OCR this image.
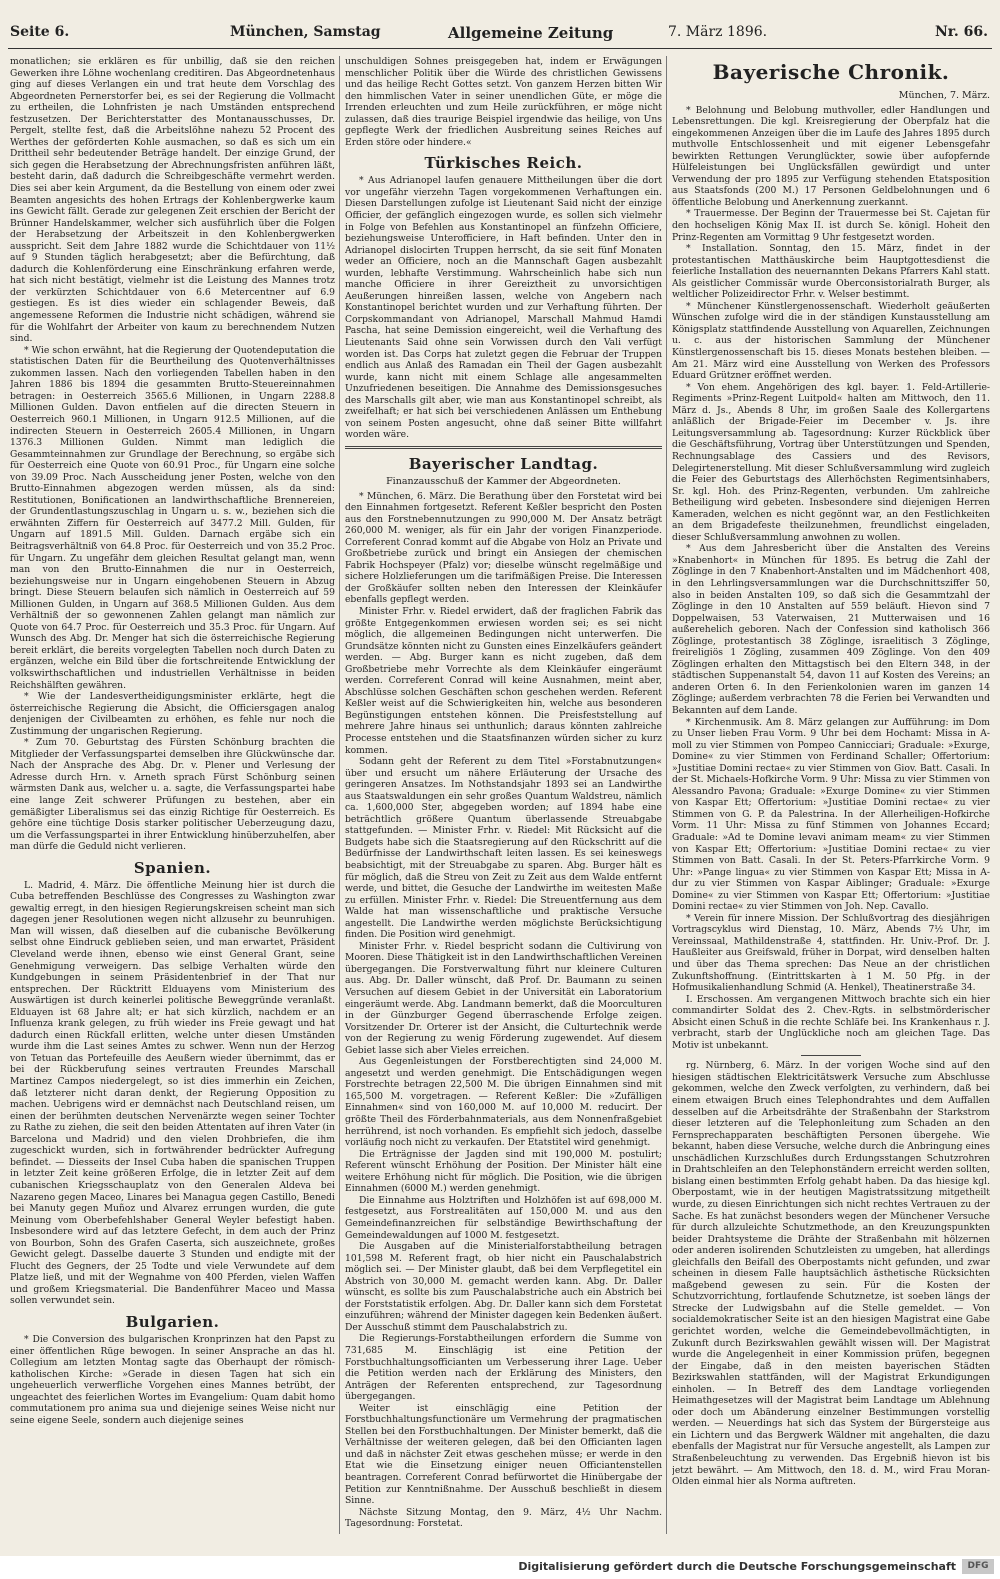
Seite 6.	München, Samstag	Allgemeine Zeitung	7. März 1896.	Nr. 66.

monatlichen; sie erklären es für unbillig, daß sie den reichen Gewerken ihre Löhne wochenlang creditiren. Das Abgeordnetenhaus ging auf dieses Verlangen ein und trat heute dem Vorschlag des Abgeordneten Pernerstorfer bei, es sei der Regierung die Vollmacht zu ertheilen, die Lohnfristen je nach Umständen entsprechend festzusetzen. Der Berichterstatter des Montanausschusses, Dr. Pergelt, stellte fest, daß die Arbeitslöhne nahezu 52 Procent des Werthes der geförderten Kohle ausmachen, so daß es sich um ein Drittheil sehr bedeutender Beträge handelt. Der einzige Grund, der sich gegen die Herabsetzung der Abrechnungsfristen anführen läßt, besteht darin, daß dadurch die Schreibgeschäfte vermehrt werden. Dies sei aber kein Argument, da die Bestellung von einem oder zwei Beamten angesichts des hohen Ertrags der Kohlenbergwerke kaum ins Gewicht fällt. Gerade zur gelegenen Zeit erschien der Bericht der Brünner Handelskammer, welcher sich ausführlich über die Folgen der Herabsetzung der Arbeitszeit in den Kohlenbergwerken ausspricht. Seit dem Jahre 1882 wurde die Schichtdauer von 11½ auf 9 Stunden täglich herabgesetzt; aber die Befürchtung, daß dadurch die Kohlenförderung eine Einschränkung erfahren werde, hat sich nicht bestätigt, vielmehr ist die Leistung des Mannes trotz der verkürzten Schichtdauer von 6.6 Metercentner auf 6.9 gestiegen. Es ist dies wieder ein schlagender Beweis, daß angemessene Reformen die Industrie nicht schädigen, während sie für die Wohlfahrt der Arbeiter von kaum zu berechnendem Nutzen sind.

* Wie schon erwähnt, hat die Regierung der Quotendeputation die statistischen Daten für die Beurtheilung des Quotenverhältnisses zukommen lassen. Nach den vorliegenden Tabellen haben in den Jahren 1886 bis 1894 die gesammten Brutto-Steuereinnahmen betragen: in Oesterreich 3565.6 Millionen, in Ungarn 2288.8 Millionen Gulden. Davon entfielen auf die directen Steuern in Oesterreich 960.1 Millionen, in Ungarn 912.5 Millionen, auf die indirecten Steuern in Oesterreich 2605.4 Millionen, in Ungarn 1376.3 Millionen Gulden. Nimmt man lediglich die Gesammteinnahmen zur Grundlage der Berechnung, so ergäbe sich für Oesterreich eine Quote von 60.91 Proc., für Ungarn eine solche von 39.09 Proc. Nach Ausscheidung jener Posten, welche von den Brutto-Einnahmen abgezogen werden müssen, als da sind: Restitutionen, Bonificationen an landwirthschaftliche Brennereien, der Grundentlastungszuschlag in Ungarn u. s. w., beziehen sich die erwähnten Ziffern für Oesterreich auf 3477.2 Mill. Gulden, für Ungarn auf 1891.5 Mill. Gulden. Darnach ergäbe sich ein Beitragsverhältniß von 64.8 Proc. für Oesterreich und von 35.2 Proc. für Ungarn. Zu ungefähr dem gleichen Resultat gelangt man, wenn man von den Brutto-Einnahmen die nur in Oesterreich, beziehungsweise nur in Ungarn eingehobenen Steuern in Abzug bringt. Diese Steuern belaufen sich nämlich in Oesterreich auf 59 Millionen Gulden, in Ungarn auf 368.5 Millionen Gulden. Aus dem Verhältniß der so gewonnenen Zahlen gelangt man nämlich zur Quote von 64.7 Proc. für Oesterreich und 35.3 Proc. für Ungarn. Auf Wunsch des Abg. Dr. Menger hat sich die österreichische Regierung bereit erklärt, die bereits vorgelegten Tabellen noch durch Daten zu ergänzen, welche ein Bild über die fortschreitende Entwicklung der volkswirthschaftlichen und industriellen Verhältnisse in beiden Reichshälften gewähren.

* Wie der Landesvertheidigungsminister erklärte, hegt die österreichische Regierung die Absicht, die Officiersgagen analog denjenigen der Civilbeamten zu erhöhen, es fehle nur noch die Zustimmung der ungarischen Regierung.

* Zum 70. Geburtstag des Fürsten Schönburg brachten die Mitglieder der Verfassungspartei demselben ihre Glückwünsche dar. Nach der Ansprache des Abg. Dr. v. Plener und Verlesung der Adresse durch Hrn. v. Arneth sprach Fürst Schönburg seinen wärmsten Dank aus, welcher u. a. sagte, die Verfassungspartei habe eine lange Zeit schwerer Prüfungen zu bestehen, aber ein gemäßigter Liberalismus sei das einzig Richtige für Oesterreich. Es gehöre eine tüchtige Dosis starker politischer Ueberzeugung dazu, um die Verfassungspartei in ihrer Entwicklung hinüberzuhelfen, aber man dürfe die Geduld nicht verlieren.

Spanien.

L. Madrid, 4. März. Die öffentliche Meinung hier ist durch die Cuba betreffenden Beschlüsse des Congresses zu Washington zwar gewaltig erregt, in den hiesigen Regierungskreisen scheint man sich dagegen jener Resolutionen wegen nicht allzusehr zu beunruhigen. Man will wissen, daß dieselben auf die cubanische Bevölkerung selbst ohne Eindruck geblieben seien, und man erwartet, Präsident Cleveland werde ihnen, ebenso wie einst General Grant, seine Genehmigung verweigern. Das selbige Verhalten würde den Kundgebungen in seinem Präsidentenbrief in der That nur entsprechen. Der Rücktritt Elduayens vom Ministerium des Auswärtigen ist durch keinerlei politische Beweggründe veranlaßt. Elduayen ist 68 Jahre alt; er hat sich kürzlich, nachdem er an Influenza krank gelegen, zu früh wieder ins Freie gewagt und hat dadurch einen Rückfall erlitten, welche unter diesen Umständen wurde ihm die Last seines Amtes zu schwer. Wenn nun der Herzog von Tetuan das Portefeuille des Aeußern wieder übernimmt, das er bei der Rückberufung seines vertrauten Freundes Marschall Martinez Campos niedergelegt, so ist dies immerhin ein Zeichen, daß letzterer nicht daran denkt, der Regierung Opposition zu machen. Uebrigens wird er demnächst nach Deutschland reisen, um einen der berühmten deutschen Nervenärzte wegen seiner Tochter zu Rathe zu ziehen, die seit den beiden Attentaten auf ihren Vater (in Barcelona und Madrid) und den vielen Drohbriefen, die ihm zugeschickt wurden, sich in fortwährender bedrückter Aufregung befindet. — Diesseits der Insel Cuba haben die spanischen Truppen in letzter Zeit keine größeren Erfolge, die in letzter Zeit auf dem cubanischen Kriegsschauplatz von den Generalen Aldeva bei Nazareno gegen Maceo, Linares bei Managua gegen Castillo, Benedi bei Manuty gegen Muñoz und Alvarez errungen wurden, die gute Meinung vom Oberbefehlshaber General Weyler befestigt haben. Insbesondere wird auf das letztere Gefecht, in dem auch der Prinz von Bourbon, Sohn des Grafen Caserta, sich auszeichnete, großes Gewicht gelegt. Dasselbe dauerte 3 Stunden und endigte mit der Flucht des Gegners, der 25 Todte und viele Verwundete auf dem Platze ließ, und mit der Wegnahme von 400 Pferden, vielen Waffen und großem Kriegsmaterial. Die Bandenführer Maceo und Massa sollen verwundet sein.

Bulgarien.

* Die Conversion des bulgarischen Kronprinzen hat den Papst zu einer öffentlichen Rüge bewogen. In seiner Ansprache an das hl. Collegium am letzten Montag sagte das Oberhaupt der römisch-katholischen Kirche: »Gerade in diesen Tagen hat sich ein ungeheuerlich verwerfliche Vorgehen eines Mannes betrübt, der ungeachtet des feierlichen Wortes im Evangelium: Quam dabit homo commutationem pro anima sua und diejenige seines Weise nicht nur seine eigene Seele, sondern auch diejenige seines

unschuldigen Sohnes preisgegeben hat, indem er Erwägungen menschlicher Politik über die Würde des christlichen Gewissens und das heilige Recht Gottes setzt. Von ganzem Herzen bitten Wir den himmlischen Vater in seiner unendlichen Güte, er möge die Irrenden erleuchten und zum Heile zurückführen, er möge nicht zulassen, daß dies traurige Beispiel irgendwie das heilige, von Uns gepflegte Werk der friedlichen Ausbreitung seines Reiches auf Erden störe oder hindere.«

Türkisches Reich.

* Aus Adrianopel laufen genauere Mittheilungen über die dort vor ungefähr vierzehn Tagen vorgekommenen Verhaftungen ein. Diesen Darstellungen zufolge ist Lieutenant Said nicht der einzige Officier, der gefänglich eingezogen wurde, es sollen sich vielmehr in Folge von Befehlen aus Konstantinopel an fünfzehn Officiere, beziehungsweise Unterofficiere, in Haft befinden. Unter den in Adrianopel dislocirten Truppen herrscht, da sie seit fünf Monaten weder an Officiere, noch an die Mannschaft Gagen ausbezahlt wurden, lebhafte Verstimmung. Wahrscheinlich habe sich nun manche Officiere in ihrer Gereiztheit zu unvorsichtigen Aeußerungen hinreißen lassen, welche von Angebern nach Konstantinopel berichtet wurden und zur Verhaftung führten. Der Corpskommandant von Adrianopel, Marschall Mahmud Hamdi Pascha, hat seine Demission eingereicht, weil die Verhaftung des Lieutenants Said ohne sein Vorwissen durch den Vali verfügt worden ist. Das Corps hat zuletzt gegen die Februar der Truppen endlich aus Anlaß des Ramadan ein Theil der Gagen ausbezahlt wurde, kann nicht mit einem Schlage alle angesammelten Unzufriedenen beseitigen. Die Annahme des Demissionsgesuches des Marschalls gilt aber, wie man aus Konstantinopel schreibt, als zweifelhaft; er hat sich bei verschiedenen Anlässen um Enthebung von seinem Posten angesucht, ohne daß seiner Bitte willfahrt worden wäre.

Bayerischer Landtag.
Finanzausschuß der Kammer der Abgeordneten.

* München, 6. März. Die Berathung über den Forstetat wird bei den Einnahmen fortgesetzt. Referent Keßler bespricht den Posten aus den Forstnebennutzungen zu 990,000 M. Der Ansatz beträgt 260,000 M. weniger, als für ein Jahr der vorigen Finanzperiode. Correferent Conrad kommt auf die Abgabe von Holz an Private und Großbetriebe zurück und bringt ein Ansiegen der chemischen Fabrik Hochspeyer (Pfalz) vor; dieselbe wünscht regelmäßige und sichere Holzlieferungen um die tarifmäßigen Preise. Die Interessen der Großkäufer sollten neben den Interessen der Kleinkäufer ebenfalls gepflegt werden.

Minister Frhr. v. Riedel erwidert, daß der fraglichen Fabrik das größte Entgegenkommen erwiesen worden sei; es sei nicht möglich, die allgemeinen Bedingungen nicht unterwerfen. Die Grundsätze könnten nicht zu Gunsten eines Einzelkäufers geändert werden. — Abg. Burger kann es nicht zugeben, daß dem Großbetriebe mehr Vorrechte als dem Kleinkäufer eingeräumt werden. Correferent Conrad will keine Ausnahmen, meint aber, Abschlüsse solchen Geschäften schon geschehen werden. Referent Keßler weist auf die Schwierigkeiten hin, welche aus besonderen Begünstigungen entstehen können. Die Preisfeststellung auf mehrere Jahre hinaus sei unthunlich; daraus könnten zahlreiche Processe entstehen und die Staatsfinanzen würden sicher zu kurz kommen.

Sodann geht der Referent zu dem Titel »Forstabnutzungen« über und ersucht um nähere Erläuterung der Ursache des geringeren Ansatzes. Im Nothstandsjahr 1893 sei an Landwirthe aus Staatswaldungen ein sehr großes Quantum Waldstreu, nämlich ca. 1,600,000 Ster, abgegeben worden; auf 1894 habe eine beträchtlich größere Quantum überlassende Streuabgabe stattgefunden. — Minister Frhr. v. Riedel: Mit Rücksicht auf die Budgets habe sich die Staatsregierung auf den Rückschritt auf die Bedürfnisse der Landwirthschaft leiten lassen. Es sei keineswegs beabsichtigt, mit der Streuabgabe zu sparen. Abg. Burger hält es für möglich, daß die Streu von Zeit zu Zeit aus dem Walde entfernt werde, und bittet, die Gesuche der Landwirthe im weitesten Maße zu erfüllen. Minister Frhr. v. Riedel: Die Streuentfernung aus dem Walde hat man wissenschaftliche und praktische Versuche angestellt. Die Landwirthe werden möglichste Berücksichtigung finden. Die Position wird genehmigt.

Minister Frhr. v. Riedel bespricht sodann die Cultivirung von Mooren. Diese Thätigkeit ist in den Landwirthschaftlichen Vereinen übergegangen. Die Forstverwaltung führt nur kleinere Culturen aus. Abg. Dr. Daller wünscht, daß Prof. Dr. Baumann zu seinen Versuchen auf diesem Gebiet in der Universität ein Laboratorium eingeräumt werde. Abg. Landmann bemerkt, daß die Moorculturen in der Günzburger Gegend überraschende Erfolge zeigen. Vorsitzender Dr. Orterer ist der Ansicht, die Culturtechnik werde von der Regierung zu wenig Förderung zugewendet. Auf diesem Gebiet lasse sich aber Vieles erreichen.

Aus Gegenleistungen der Forstberechtigten sind 24,000 M. angesetzt und werden genehmigt. Die Entschädigungen wegen Forstrechte betragen 22,500 M. Die übrigen Einnahmen sind mit 165,500 M. vorgetragen. — Referent Keßler: Die »Zufälligen Einnahmen« sind von 160,000 M. auf 10,000 M. reducirt. Der größte Theil des Förderbahnmaterials, aus dem Nonnenfraßgebiet herrührend, ist noch vorhanden. Es empfiehlt sich jedoch, dasselbe vorläufig noch nicht zu verkaufen. Der Etatstitel wird genehmigt.

Die Erträgnisse der Jagden sind mit 190,000 M. postulirt; Referent wünscht Erhöhung der Position. Der Minister hält eine weitere Erhöhung nicht für möglich. Die Position, wie die übrigen Einnahmen (6000 M.) werden genehmigt.

Die Einnahme aus Holztriften und Holzhöfen ist auf 698,000 M. festgesetzt, aus Forstrealitäten auf 150,000 M. und aus den Gemeindefinanzreichen für selbständige Bewirthschaftung der Gemeindewaldungen auf 1000 M. festgesetzt.

Die Ausgaben auf die Ministerialforstabtheilung betragen 101,598 M. Referent fragt, ob hier nicht ein Pauschalabstrich möglich sei. — Der Minister glaubt, daß bei dem Verpflegetitel ein Abstrich von 30,000 M. gemacht werden kann. Abg. Dr. Daller wünscht, es sollte bis zum Pauschalabstriche auch ein Abstrich bei der Forststatistik erfolgen. Abg. Dr. Daller kann sich dem Forstetat einzuführen; während der Minister dagegen kein Bedenken äußert. Der Ausschuß stimmt dem Pauschalabstrich zu.

Die Regierungs-Forstabtheilungen erfordern die Summe von 731,685 M. Einschlägig ist eine Petition der Forstbuchhaltungsofficianten um Verbesserung ihrer Lage. Ueber die Petition werden nach der Erklärung des Ministers, den Anträgen der Referenten entsprechend, zur Tagesordnung übergegangen.

Weiter ist einschlägig eine Petition der Forstbuchhaltungsfunctionäre um Vermehrung der pragmatischen Stellen bei den Forstbuchhaltungen. Der Minister bemerkt, daß die Verhältnisse der weiteren gelegen, daß bei den Officianten lagen und daß in nächster Zeit etwas geschehen müsse; er werde in den Etat wie die Einsetzung einiger neuen Officiantenstellen beantragen. Correferent Conrad befürwortet die Hinübergabe der Petition zur Kenntnißnahme. Der Ausschuß beschließt in diesem Sinne.

Nächste Sitzung Montag, den 9. März, 4½ Uhr Nachm. Tagesordnung: Forstetat.

Bayerische Chronik.
München, 7. März.

* Belohnung und Belobung muthvoller, edler Handlungen und Lebensrettungen. Die kgl. Kreisregierung der Oberpfalz hat die eingekommenen Anzeigen über die im Laufe des Jahres 1895 durch muthvolle Entschlossenheit und mit eigener Lebensgefahr bewirkten Rettungen Verunglückter, sowie über aufopfernde Hülfeleistungen bei Unglücksfällen gewürdigt und unter Verwendung der pro 1895 zur Verfügung stehenden Etatsposition aus Staatsfonds (200 M.) 17 Personen Geldbelohnungen und 6 öffentliche Belobung und Anerkennung zuerkannt.

* Trauermesse. Der Beginn der Trauermesse bei St. Cajetan für den hochseligen König Max II. ist durch Se. königl. Hoheit den Prinz-Regenten am Vormittag 9 Uhr festgesetzt worden.

* Installation. Sonntag, den 15. März, findet in der protestantischen Matthäuskirche beim Hauptgottesdienst die feierliche Installation des neuernannten Dekans Pfarrers Kahl statt. Als geistlicher Commissär wurde Oberconsistorialrath Burger, als weltlicher Polizeidirector Frhr. v. Welser bestimmt.

* Münchener Künstlergenossenschaft. Wiederholt geäußerten Wünschen zufolge wird die in der ständigen Kunstausstellung am Königsplatz stattfindende Ausstellung von Aquarellen, Zeichnungen u. c. aus der historischen Sammlung der Münchener Künstlergenossenschaft bis 15. dieses Monats bestehen bleiben. — Am 21. März wird eine Ausstellung von Werken des Professors Eduard Grützner eröffnet werden.

* Von ehem. Angehörigen des kgl. bayer. 1. Feld-Artillerie-Regiments »Prinz-Regent Luitpold« halten am Mittwoch, den 11. März d. Js., Abends 8 Uhr, im großen Saale des Kollergartens anläßlich der Brigade-Feier im December v. Js. ihre Leitungsversammlung ab. Tagesordnung: Kurzer Rückblick über die Geschäftsführung, Vortrag über Unterstützungen und Spenden, Rechnungsablage des Cassiers und des Revisors, Delegirtenerstellung. Mit dieser Schlußversammlung wird zugleich die Feier des Geburtstags des Allerhöchsten Regimentsinhabers, Sr. kgl. Hoh. des Prinz-Regenten, verbunden. Um zahlreiche Betheiligung wird gebeten. Insbesondere sind diejenigen Herren Kameraden, welchen es nicht gegönnt war, an den Festlichkeiten an dem Brigadefeste theilzunehmen, freundlichst eingeladen, dieser Schlußversammlung anwohnen zu wollen.

* Aus dem Jahresbericht über die Anstalten des Vereins »Knabenhort« in München für 1895. Es betrug die Zahl der Zöglinge in den 7 Knabenhort-Anstalten und im Mädchenhort 408, in den Lehrlingsversammlungen war die Durchschnittsziffer 50, also in beiden Anstalten 109, so daß sich die Gesammtzahl der Zöglinge in den 10 Anstalten auf 559 beläuft. Hievon sind 7 Doppelwaisen, 53 Vaterwaisen, 21 Mutterwaisen und 16 außerehelich geboren. Nach der Confession sind katholisch 366 Zöglinge, protestantisch 38 Zöglinge, israelitisch 3 Zöglinge, freireligiös 1 Zögling, zusammen 409 Zöglinge. Von den 409 Zöglingen erhalten den Mittagstisch bei den Eltern 348, in der städtischen Suppenanstalt 54, davon 11 auf Kosten des Vereins; an anderen Orten 6. In den Ferienkolonien waren im ganzen 14 Zöglinge; außerdem verbrachten 78 die Ferien bei Verwandten und Bekannten auf dem Lande.

* Kirchenmusik. Am 8. März gelangen zur Aufführung: im Dom zu Unser lieben Frau Vorm. 9 Uhr bei dem Hochamt: Missa in A-moll zu vier Stimmen von Pompeo Cannicciari; Graduale: »Exurge, Domine« zu vier Stimmen von Ferdinand Schaller; Offertorium: »Justitiae Domini rectae« zu vier Stimmen von Giov. Batt. Casali. In der St. Michaels-Hofkirche Vorm. 9 Uhr: Missa zu vier Stimmen von Alessandro Pavona; Graduale: »Exurge Domine« zu vier Stimmen von Kaspar Ett; Offertorium: »Justitiae Domini rectae« zu vier Stimmen von G. P. da Palestrina. In der Allerheiligen-Hofkirche Vorm. 11 Uhr: Missa zu fünf Stimmen von Johannes Eccard; Graduale: »Ad te Domine levavi animam meam« zu vier Stimmen von Kaspar Ett; Offertorium: »Justitiae Domini rectae« zu vier Stimmen von Batt. Casali. In der St. Peters-Pfarrkirche Vorm. 9 Uhr: »Pange lingua« zu vier Stimmen von Kaspar Ett; Missa in A-dur zu vier Stimmen von Kaspar Aiblinger; Graduale: »Exurge Domine« zu vier Stimmen von Kaspar Ett; Offertorium: »Justitiae Domini rectae« zu vier Stimmen von Joh. Nep. Cavallo.

* Verein für innere Mission. Der Schlußvortrag des diesjährigen Vortragscyklus wird Dienstag, 10. März, Abends 7½ Uhr, im Vereinssaal, Mathildenstraße 4, stattfinden. Hr. Univ.-Prof. Dr. J. Haußleiter aus Greifswald, früher in Dorpat, wird denselben halten und über das Thema sprechen: Das Neue an der christlichen Zukunftshoffnung. (Eintrittskarten à 1 M. 50 Pfg. in der Hofmusikalienhandlung Schmid (A. Henkel), Theatinerstraße 34.

I. Erschossen. Am vergangenen Mittwoch brachte sich ein hier commandirter Soldat des 2. Chev.-Rgts. in selbstmörderischer Absicht einen Schuß in die rechte Schläfe bei. Ins Krankenhaus r. J. verbracht, starb der Unglückliche noch am gleichen Tage. Das Motiv ist unbekannt.

rg. Nürnberg, 6. März. In der vorigen Woche sind auf den hiesigen städtischen Elektricitätswerk Versuche zum Abschlusse gekommen, welche den Zweck verfolgten, zu verhindern, daß bei einem etwaigen Bruch eines Telephondrahtes und dem Auffallen desselben auf die Arbeitsdrähte der Straßenbahn der Starkstrom dieser letzteren auf die Telephonleitung zum Schaden an den Fernsprechapparaten beschäftigten Personen übergehe. Wie bekannt, haben diese Versuche, welche durch die Anbringung eines unschädlichen Kurzschlußes durch Erdungsstangen Schutzrohren in Drahtschleifen an den Telephonständern erreicht werden sollten, bislang einen bestimmten Erfolg gehabt haben. Da das hiesige kgl. Oberpostamt, wie in der heutigen Magistratssitzung mitgetheilt wurde, zu diesen Einrichtungen sich nicht rechtes Vertrauen zu der Sache. Es hat zunächst besonders wegen der Münchener Versuche für durch allzuleichte Schutzmethode, an den Kreuzungspunkten beider Drahtsysteme die Drähte der Straßenbahn mit hölzernen oder anderen isolirenden Schutzleisten zu umgeben, hat allerdings gleichfalls den Beifall des Oberpostamts nicht gefunden, und zwar scheinen in diesem Falle hauptsächlich ästhetische Rücksichten maßgebend gewesen zu sein. Für die Kosten der Schutzvorrichtung, fortlaufende Schutznetze, ist soeben längs der Strecke der Ludwigsbahn auf die Stelle gemeldet. — Von socialdemokratischer Seite ist an den hiesigen Magistrat eine Gabe gerichtet worden, welche die Gemeindebevollmächtigten, in Zukunft durch Bezirkswahlen gewählt wissen will. Der Magistrat wurde die Angelegenheit in einer Kommission prüfen, begegnen der Eingabe, daß in den meisten bayerischen Städten Bezirkswahlen stattfänden, will der Magistrat Erkundigungen einholen. — In Betreff des dem Landtage vorliegenden Heimathgesetzes will der Magistrat beim Landtage um Ablehnung oder doch um Abänderung einzelner Bestimmungen vorstellig werden. — Neuerdings hat sich das System der Bürgersteige aus ein Lichtern und das Bergwerk Wäldner mit angehalten, die dazu ebenfalls der Magistrat nur für Versuche angestellt, als Lampen zur Straßenbeleuchtung zu verwenden. Das Ergebniß hievon ist bis jetzt bewährt. — Am Mittwoch, den 18. d. M., wird Frau Moran-Olden einmal hier als Norma auftreten.

Digitalisierung gefördert durch die Deutsche Forschungsgemeinschaft	DFG
